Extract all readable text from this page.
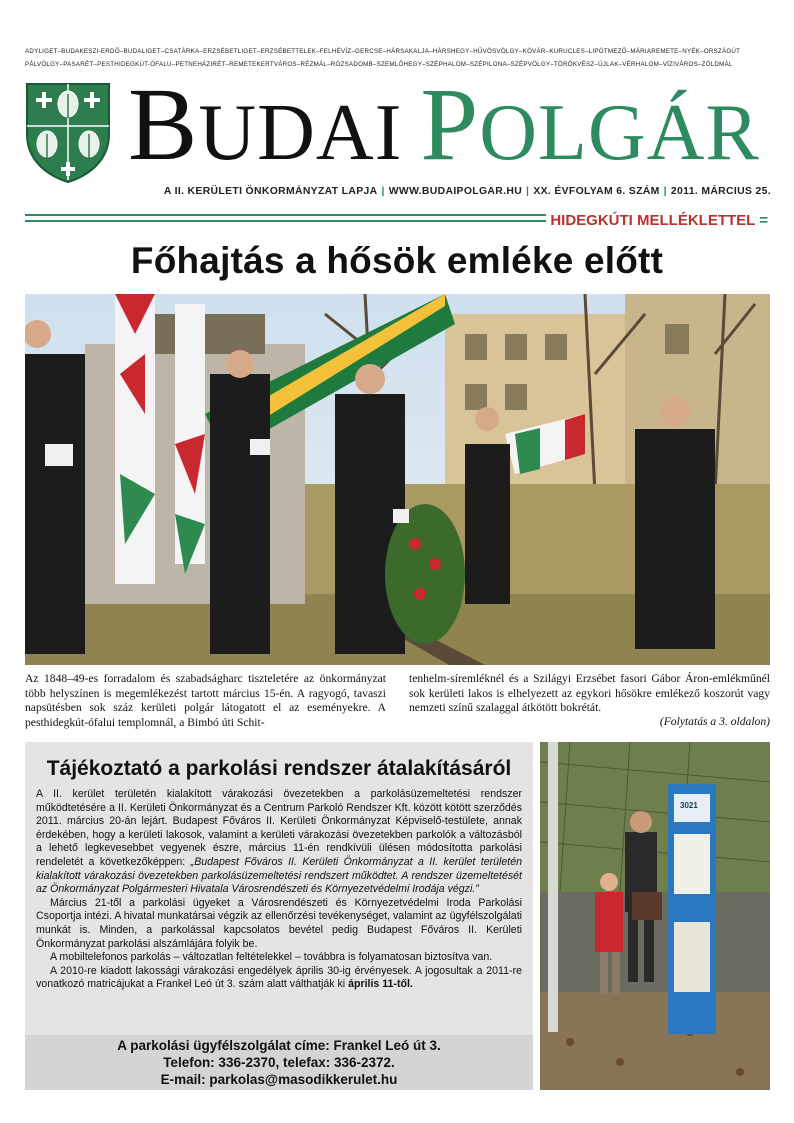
ADYLIGET–BUDAKESZI-ERDŐ–BUDALIGET–CSATÁRKA–ERZSÉBETLIGET–ERZSÉBETTELEK–FELHÉVÍZ–GERCSE–HÁRSAKALJA–HÁRSHEGY–HŰVÖSVÖLGY–KÖVÁR–KURUCLES–LIPÓTMEZŐ–MÁRIAREMETE–NYÉK–ORSZÁGÚT
PÁLVÖLGY–PASARÉT–PESTHIDEGKÚT-ÓFALU–PETNEHÁZIRÉT–REMETEKERTVÁROS–RÉZMÁL–RÓZSADOMB–SZEMLŐHEGY–SZÉPHALOM–SZÉPILONA–SZÉPVÖLGY–TÖRÖKVÉSZ–ÚJLAK–VÉRHALOM–VÍZIVÁROS–ZÖLDMÁL
BUDAI POLGÁR
A II. KERÜLETI ÖNKORMÁNYZAT LAPJA | WWW.BUDAIPOLGAR.HU | XX. ÉVFOLYAM 6. SZÁM | 2011. MÁRCIUS 25.
HIDEGKÚTI MELLÉKLETTEL =
Főhajtás a hősök emléke előtt
Az 1848–49-es forradalom és szabadságharc tiszteletére az önkormányzat több helyszínen is megemlékezést tartott március 15-én. A ragyogó, tavaszi napsütésben sok száz kerületi polgár látogatott el az eseményekre. A pesthidegkút-ófalui templomnál, a Bimbó úti Schit-
tenhelm-síremléknél és a Szilágyi Erzsébet fasori Gábor Áron-emlékműnél sok kerületi lakos is elhelyezett az egykori hősökre emlékező koszorút vagy nemzeti színű szalaggal átkötött bokrétát.
(Folytatás a 3. oldalon)
Tájékoztató a parkolási rendszer átalakításáról

A II. kerület területén kialakított várakozási övezetekben a parkolásüzemeltetési rendszer működtetésére a II. Kerületi Önkormányzat és a Centrum Parkoló Rendszer Kft. között kötött szerződés 2011. március 20-án lejárt. Budapest Főváros II. Kerületi Önkormányzat Képviselő-testülete, annak érdekében, hogy a kerületi lakosok, valamint a kerületi várakozási övezetekben parkolók a változásból a lehető legkevesebbet vegyenek észre, március 11-én rendkívüli ülésen módosította parkolási rendeletét a következőképpen: „Budapest Főváros II. Kerületi Önkormányzat a II. kerület területén kialakított várakozási övezetekben parkolásüzemeltetési rendszert működtet. A rendszer üzemeltetését az Önkormányzat Polgármesteri Hivatala Városrendészeti és Környezetvédelmi Irodája végzi.”

Március 21-től a parkolási ügyeket a Városrendészeti és Környezetvédelmi Iroda Parkolási Csoportja intézi. A hivatal munkatársai végzik az ellenőrzési tevékenységet, valamint az ügyfélszolgálati munkát is. Minden, a parkolással kapcsolatos bevétel pedig Budapest Főváros II. Kerületi Önkormányzat parkolási alszámlájára folyik be.

A mobiltelefonos parkolás – változatlan feltételekkel – továbbra is folyamatosan biztosítva van.

A 2010-re kiadott lakossági várakozási engedélyek április 30-ig érvényesek. A jogosultak a 2011-re vonatkozó matricájukat a Frankel Leó út 3. szám alatt válthatják ki április 11-től.

A parkolási ügyfélszolgálat címe: Frankel Leó út 3.
Telefon: 336-2370, telefax: 336-2372.
E-mail: parkolas@masodikkerulet.hu
3021
